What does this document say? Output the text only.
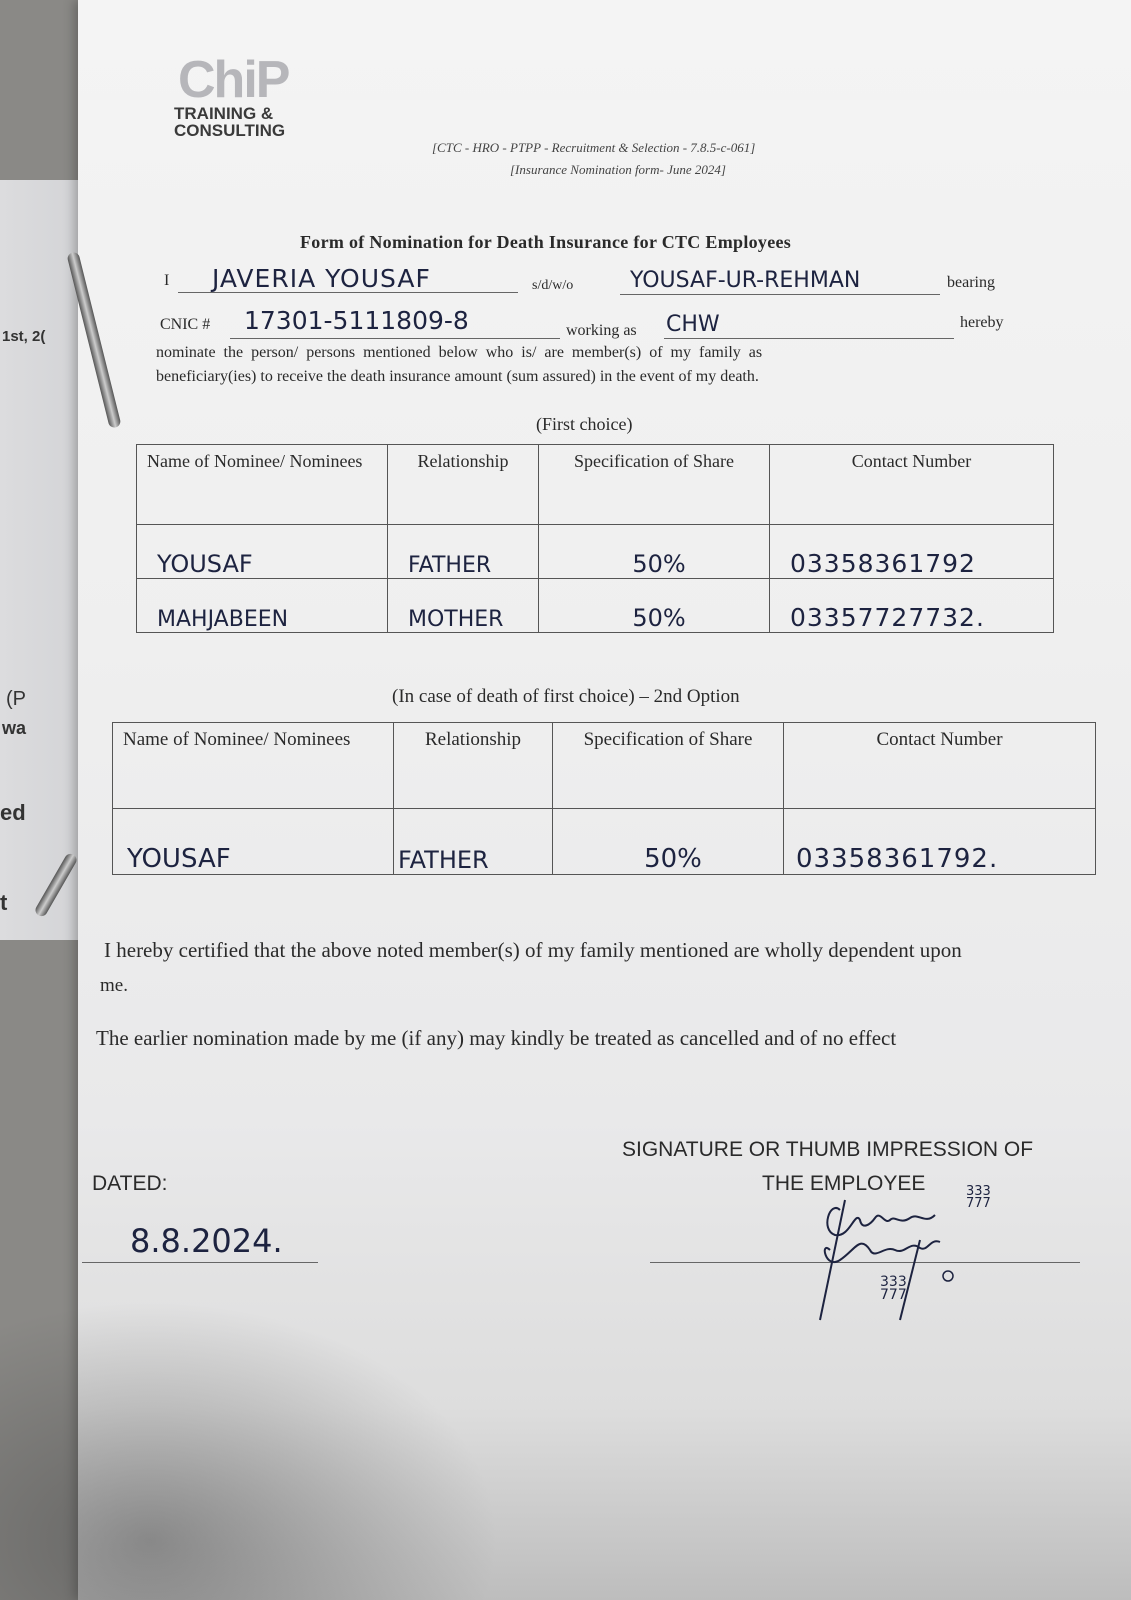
1st, 2(
(P
wa
ed
t
ChiP
TRAINING &
CONSULTING
[CTC - HRO - PTPP - Recruitment & Selection - 7.8.5-c-061]
[Insurance Nomination form- June 2024]
Form of Nomination for Death Insurance for CTC Employees
I JAVERIA YOUSAF	s/d/w/o	YOUSAF-UR-REHMAN	bearing
CNIC # 17301-5111809-8	working as CHW	hereby
nominate the person/ persons mentioned below who is/ are member(s) of my family as
beneficiary(ies) to receive the death insurance amount (sum assured) in the event of my death.
(First choice)
Name of Nominee/ Nominees	Relationship	Specification of Share	Contact Number
YOUSAF	FATHER	50%	03358361792
MAHJABEEN	MOTHER	50%	03357727732.
(In case of death of first choice) – 2nd Option
Name of Nominee/ Nominees	Relationship	Specification of Share	Contact Number
YOUSAF	FATHER	50%	03358361792.
I hereby certified that the above noted member(s) of my family mentioned are wholly dependent upon
me.
The earlier nomination made by me (if any) may kindly be treated as cancelled and of no effect
DATED:
8.8.2024.
SIGNATURE OR THUMB IMPRESSION OF
THE EMPLOYEE	333
777
333
777
